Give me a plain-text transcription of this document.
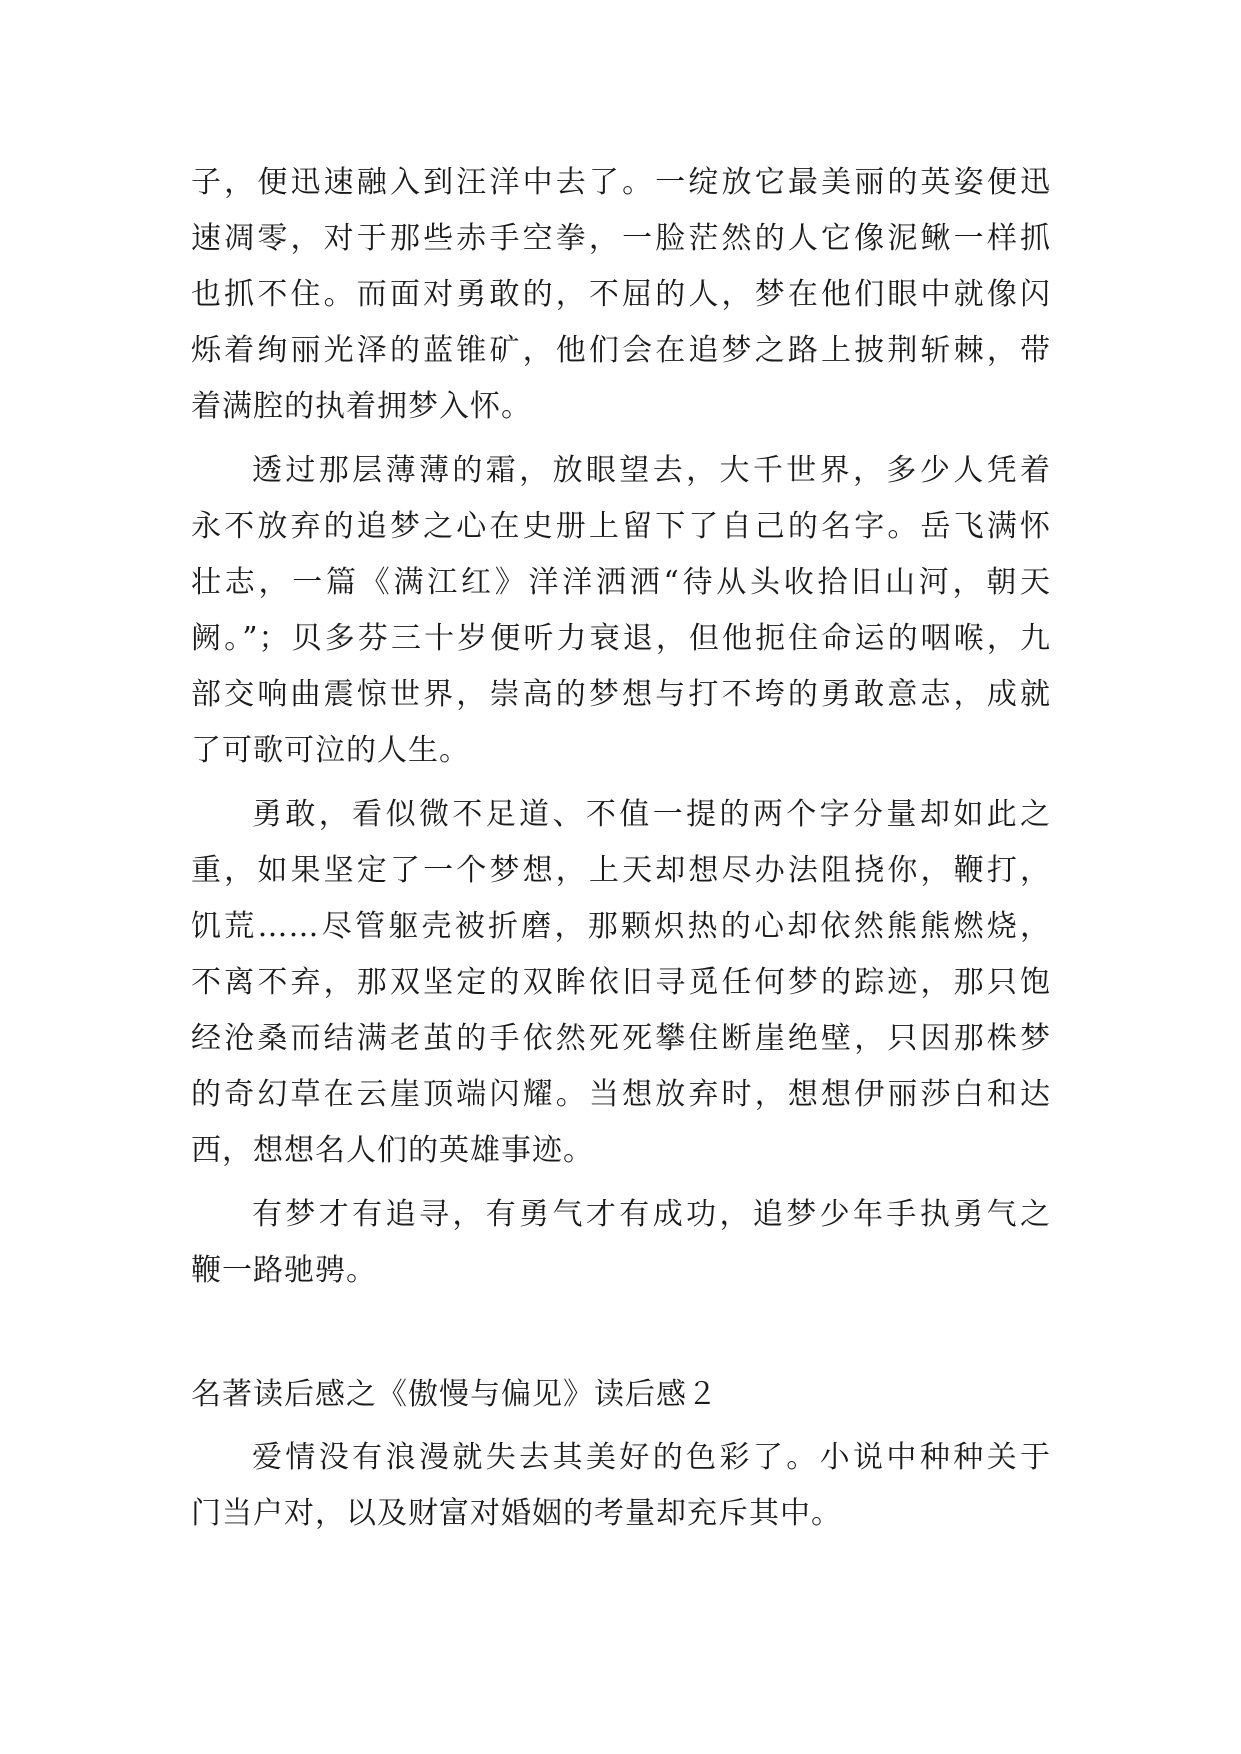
子，便迅速融入到汪洋中去了。一绽放它最美丽的英姿便迅
速凋零，对于那些赤手空拳，一脸茫然的人它像泥鳅一样抓
也抓不住。而面对勇敢的，不屈的人，梦在他们眼中就像闪
烁着绚丽光泽的蓝锥矿，他们会在追梦之路上披荆斩棘，带
着满腔的执着拥梦入怀。
透过那层薄薄的霜，放眼望去，大千世界，多少人凭着
永不放弃的追梦之心在史册上留下了自己的名字。岳飞满怀
壮志，一篇《满江红》洋洋洒洒“待从头收拾旧山河，朝天
阙。”；贝多芬三十岁便听力衰退，但他扼住命运的咽喉，九
部交响曲震惊世界，崇高的梦想与打不垮的勇敢意志，成就
了可歌可泣的人生。
勇敢，看似微不足道、不值一提的两个字分量却如此之
重，如果坚定了一个梦想，上天却想尽办法阻挠你，鞭打，
饥荒……尽管躯壳被折磨，那颗炽热的心却依然熊熊燃烧，
不离不弃，那双坚定的双眸依旧寻觅任何梦的踪迹，那只饱
经沧桑而结满老茧的手依然死死攀住断崖绝壁，只因那株梦
的奇幻草在云崖顶端闪耀。当想放弃时，想想伊丽莎白和达
西，想想名人们的英雄事迹。
有梦才有追寻，有勇气才有成功，追梦少年手执勇气之
鞭一路驰骋。
名著读后感之《傲慢与偏见》读后感２
爱情没有浪漫就失去其美好的色彩了。小说中种种关于
门当户对，以及财富对婚姻的考量却充斥其中。
